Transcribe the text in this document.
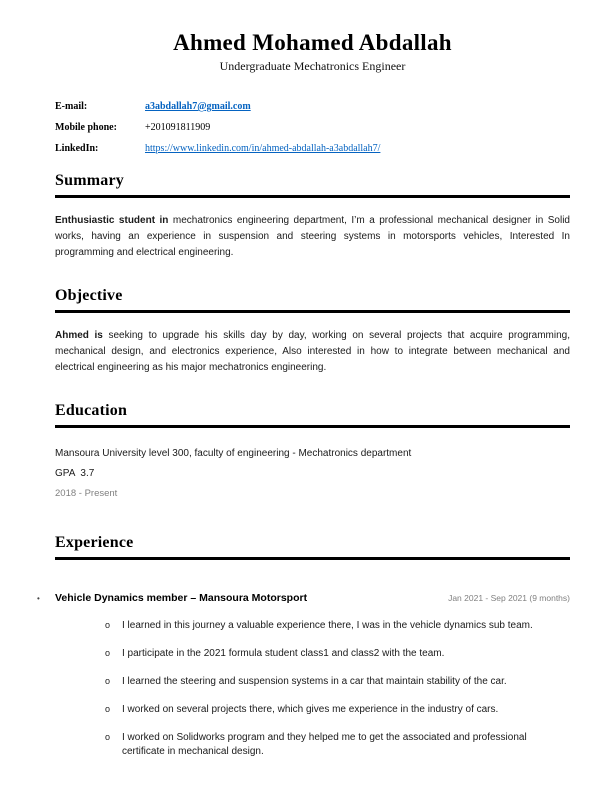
Ahmed Mohamed Abdallah
Undergraduate Mechatronics Engineer
E-mail:	a3abdallah7@gmail.com
Mobile phone:	+201091811909
LinkedIn:	https://www.linkedin.com/in/ahmed-abdallah-a3abdallah7/
Summary

Enthusiastic student in mechatronics engineering department, I’m a professional mechanical designer in Solid works, having an experience in suspension and steering systems in motorsports vehicles, Interested In programming and electrical engineering.

Objective

Ahmed is seeking to upgrade his skills day by day, working on several projects that acquire programming, mechanical design, and electronics experience, Also interested in how to integrate between mechanical and electrical engineering as his major mechatronics engineering.

Education
Mansoura University level 300, faculty of engineering - Mechatronics department
GPA  3.7
2018 - Present
Experience
•	Vehicle Dynamics member – Mansoura Motorsport	Jan 2021 - Sep 2021 (9 months)
o	I learned in this journey a valuable experience there, I was in the vehicle dynamics sub team.
o	I participate in the 2021 formula student class1 and class2 with the team.
o	I learned the steering and suspension systems in a car that maintain stability of the car.
o	I worked on several projects there, which gives me experience in the industry of cars.
o	I worked on Solidworks program and they helped me to get the associated and professional certificate in mechanical design.
